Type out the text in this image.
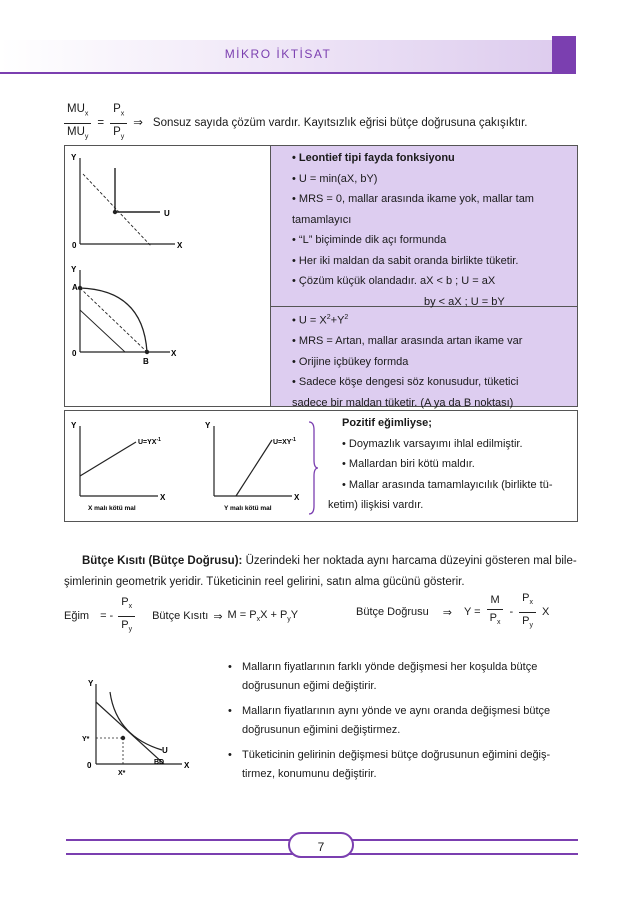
MİKRO İKTİSAT
$\frac{MU_x}{MU_y} = \frac{P_x}{P_y}$ ⇒ Sonsuz sayıda çözüm vardır. Kayıtsızlık eğrisi bütçe doğrusuna çakışıktır.
Y
0	X
U
Y
A
0
B
X

• Leontief tipi fayda fonksiyonu

• U = min(aX, bY)

• MRS = 0, mallar arasında ikame yok, mallar tam

tamamlayıcı

• “L” biçiminde dik açı formunda

• Her iki maldan da sabit oranda birlikte tüketir.

• Çözüm küçük olandadır. aX < b ; U = aX

by < aX ; U = bY

• $U = X^2+Y^2$

• MRS = Artan, mallar arasında artan ikame var

• Orijine içbükey formda

• Sadece köşe dengesi söz konusudur, tüketici

sadece bir maldan tüketir. (A ya da B noktası)

Y
X
$U=YX^{-1}$
X malı kötü mal
Y
X
$U=XY^{-1}$
Y malı kötü mal
Pozitif eğimliyse;
• Doymazlık varsayımı ihlal edilmiştir.
• Mallardan biri kötü maldır.
• Mallar arasında tamamlayıcılık (birlikte tü-
ketim) ilişkisi vardır.
Bütçe Kısıtı (Bütçe Doğrusu): Üzerindeki her noktada aynı harcama düzeyini gösteren mal bile-
şimlerinin geometrik yeridir. Tüketicinin reel gelirini, satın alma gücünü gösterir.
Eğim = - $\frac{P_x}{P_y}$ Bütçe Kısıtı ⇒ $M = P_xX + P_yY$	Bütçe Doğrusu ⇒ $Y = \frac{M}{P_x} - \frac{P_x}{P_y}$ X
Y
Y*
0
X*
U
BD X
• Malların fiyatlarının farklı yönde değişmesi her koşulda bütçe
doğrusunun eğimi değiştirir.
• Malların fiyatlarının aynı yönde ve aynı oranda değişmesi bütçe
doğrusunun eğimini değiştirmez.
• Tüketicinin gelirinin değişmesi bütçe doğrusunun eğimini değiş-
tirmez, konumunu değiştirir.
7
